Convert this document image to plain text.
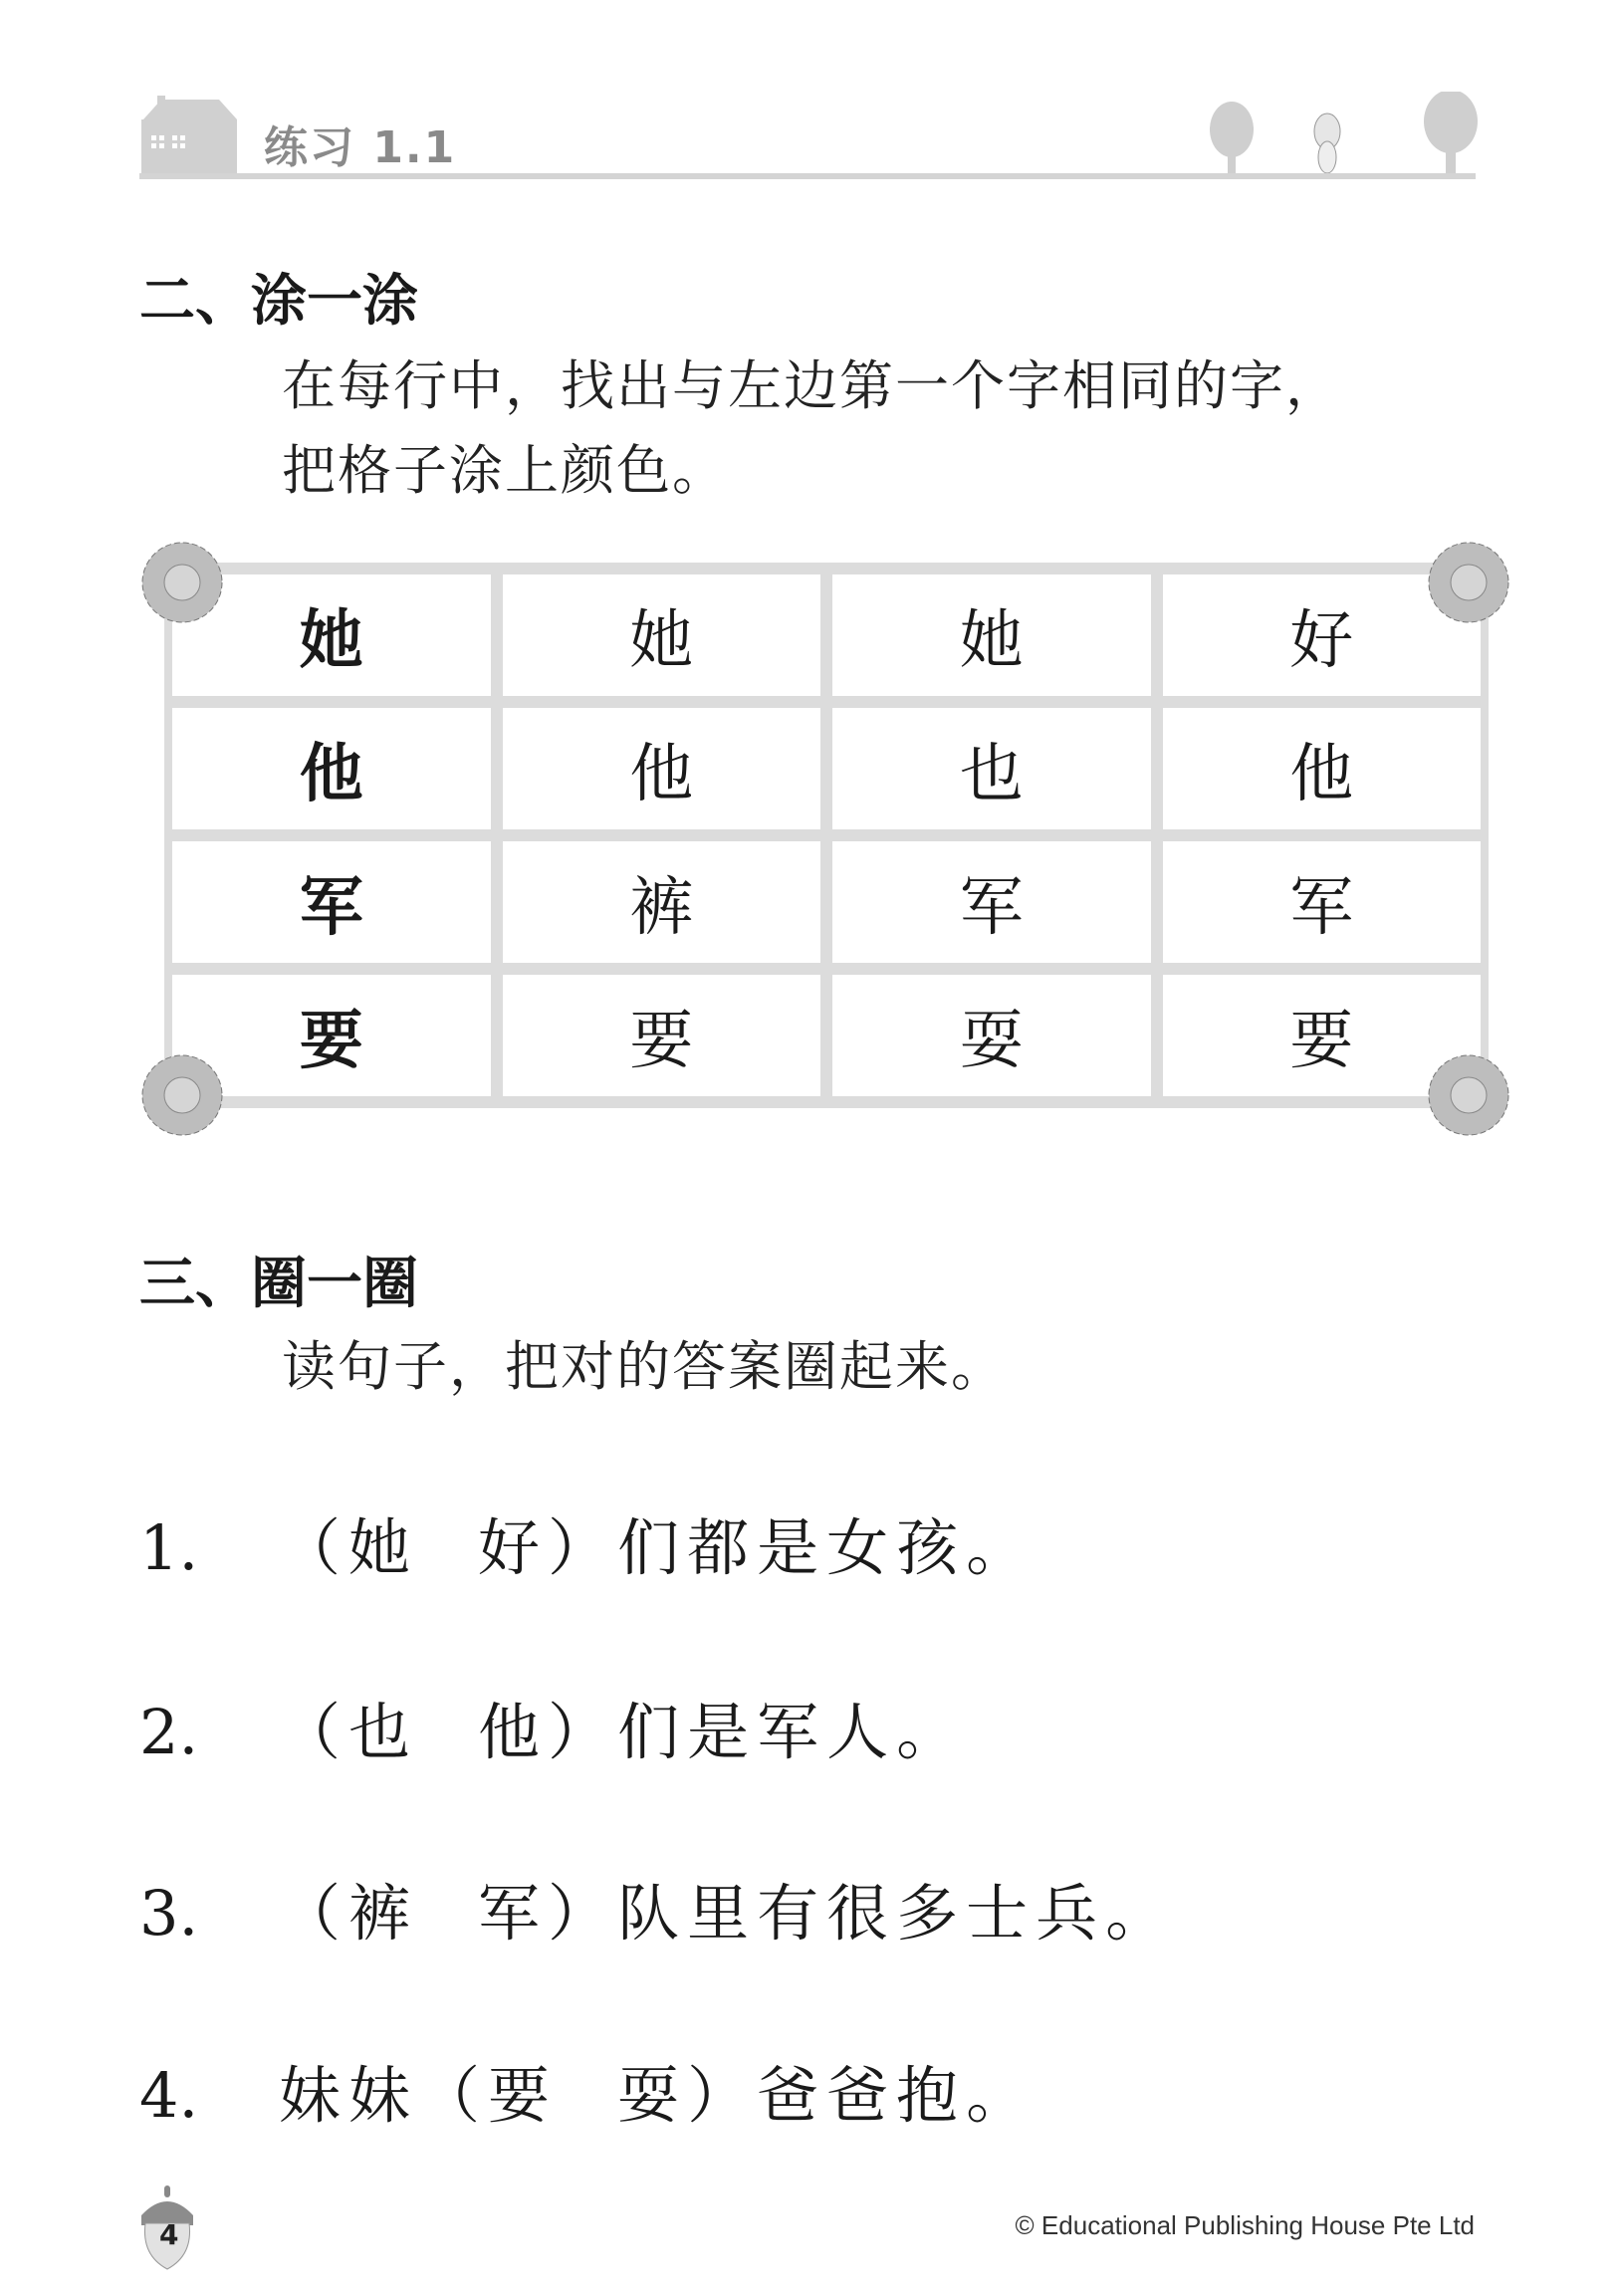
练习 1.1
二、涂一涂
在每行中，找出与左边第一个字相同的字，
把格子涂上颜色。
她	她	她	好
他	他	也	他
军	裤	军	军
要	要	耍	要
三、圈一圈
读句子，把对的答案圈起来。
1. （她 好）们都是女孩。
2. （也 他）们是军人。
3. （裤 军）队里有很多士兵。
4. 妹妹（要 耍）爸爸抱。
4	© Educational Publishing House Pte Ltd
